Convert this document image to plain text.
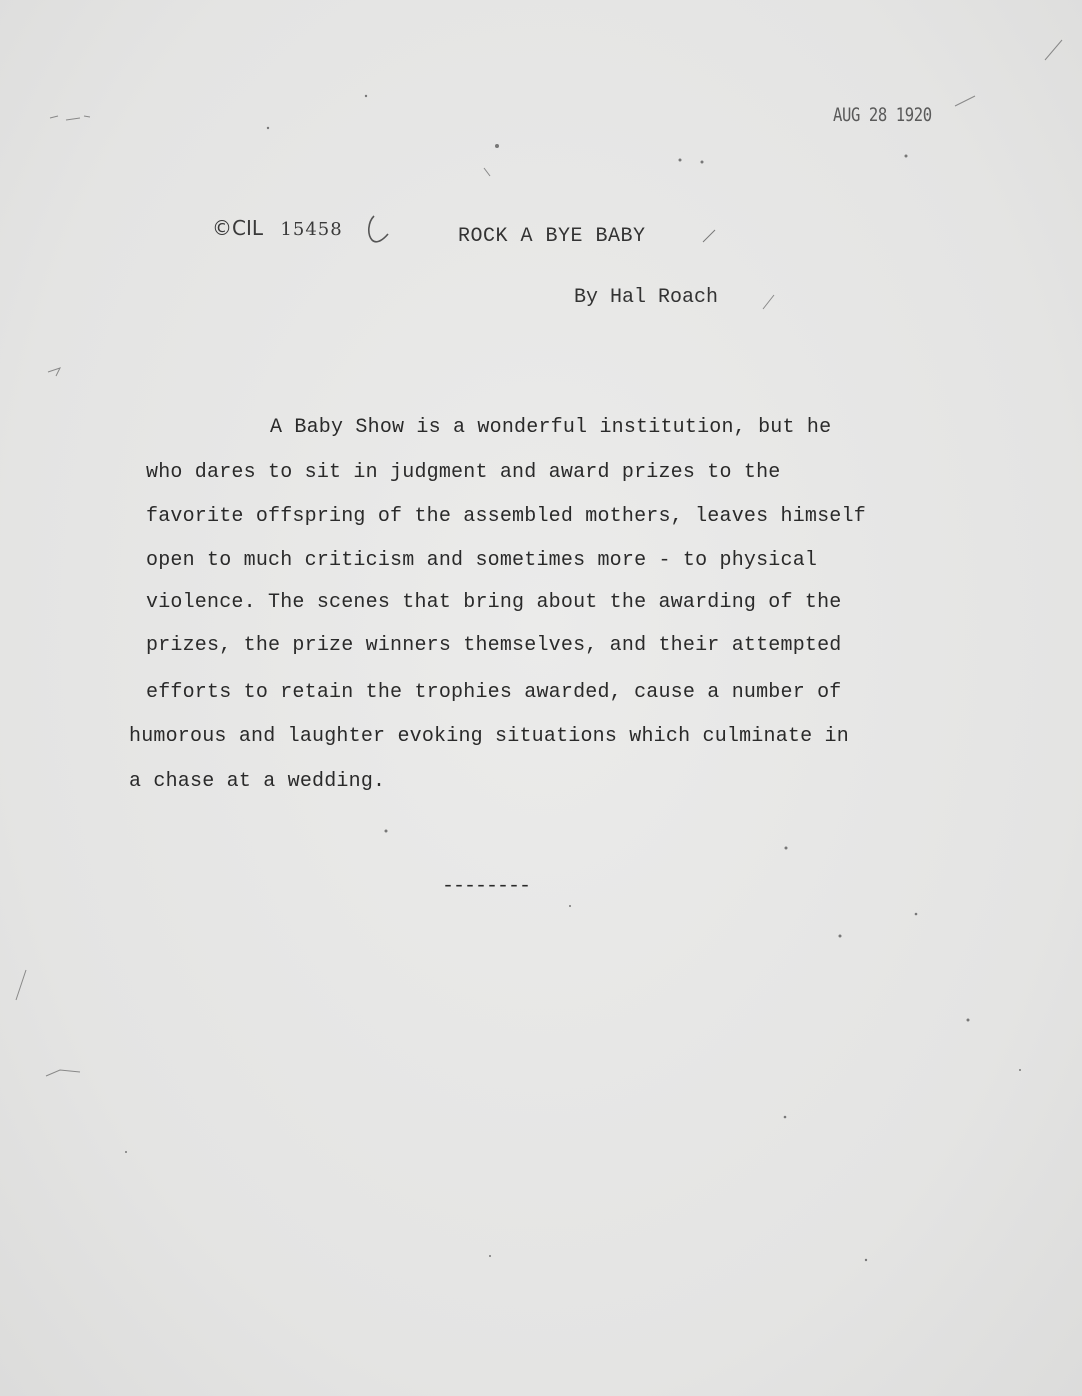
AUG 28 1920
©CIL 15458	ROCK A BYE BABY
By Hal Roach
A Baby Show is a wonderful institution, but he
who dares to sit in judgment and award prizes to the
favorite offspring of the assembled mothers, leaves himself
open to much criticism and sometimes more - to physical
violence. The scenes that bring about the awarding of the
prizes, the prize winners themselves, and their attempted
efforts to retain the trophies awarded, cause a number of
humorous and laughter evoking situations which culminate in
a chase at a wedding.
--------
